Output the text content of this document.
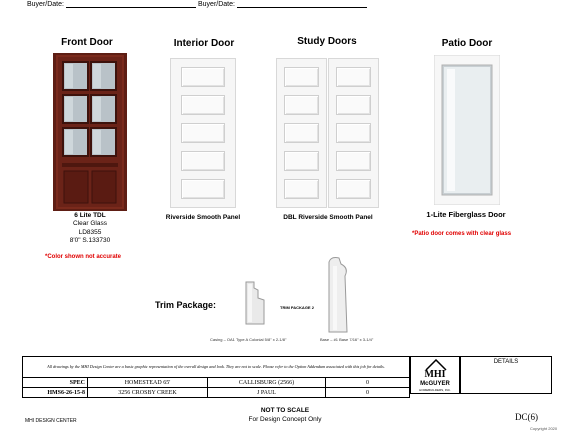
Buyer/Date:	Buyer/Date:
Front Door	Interior Door	Study Doors	Patio Door
6 Lite TDL
Clear Glass
LD8355
8'0" S.133730
*Color shown not accurate
Riverside Smooth Panel	DBL Riverside Smooth Panel	1-Lite Fiberglass Door
*Patio door comes with clear glass
Trim Package:	TRIM PACKAGE 2
Casing – OA1 Type A Colonial 5/8" x 2-1/8"	Base – #1 Base 7/16" x 3-1/4"
All drawings by the MHI Design Center are a basic graphic representation of the overall design and look. They are not to scale. Please refer to the Option Addendum associated with this job for details.			
SPEC	HOMESTEAD 65'	CALLISBURG (2566)	0
HMS6-26-15-8	3256 CROSBY CREEK	J PAUL	0
MHI
McGUYER
HOMEBUILDERS, INC.
DETAILS
MHI DESIGN CENTER
NOT TO SCALE
For Design Concept Only	DC(6)
Copyright 2020
